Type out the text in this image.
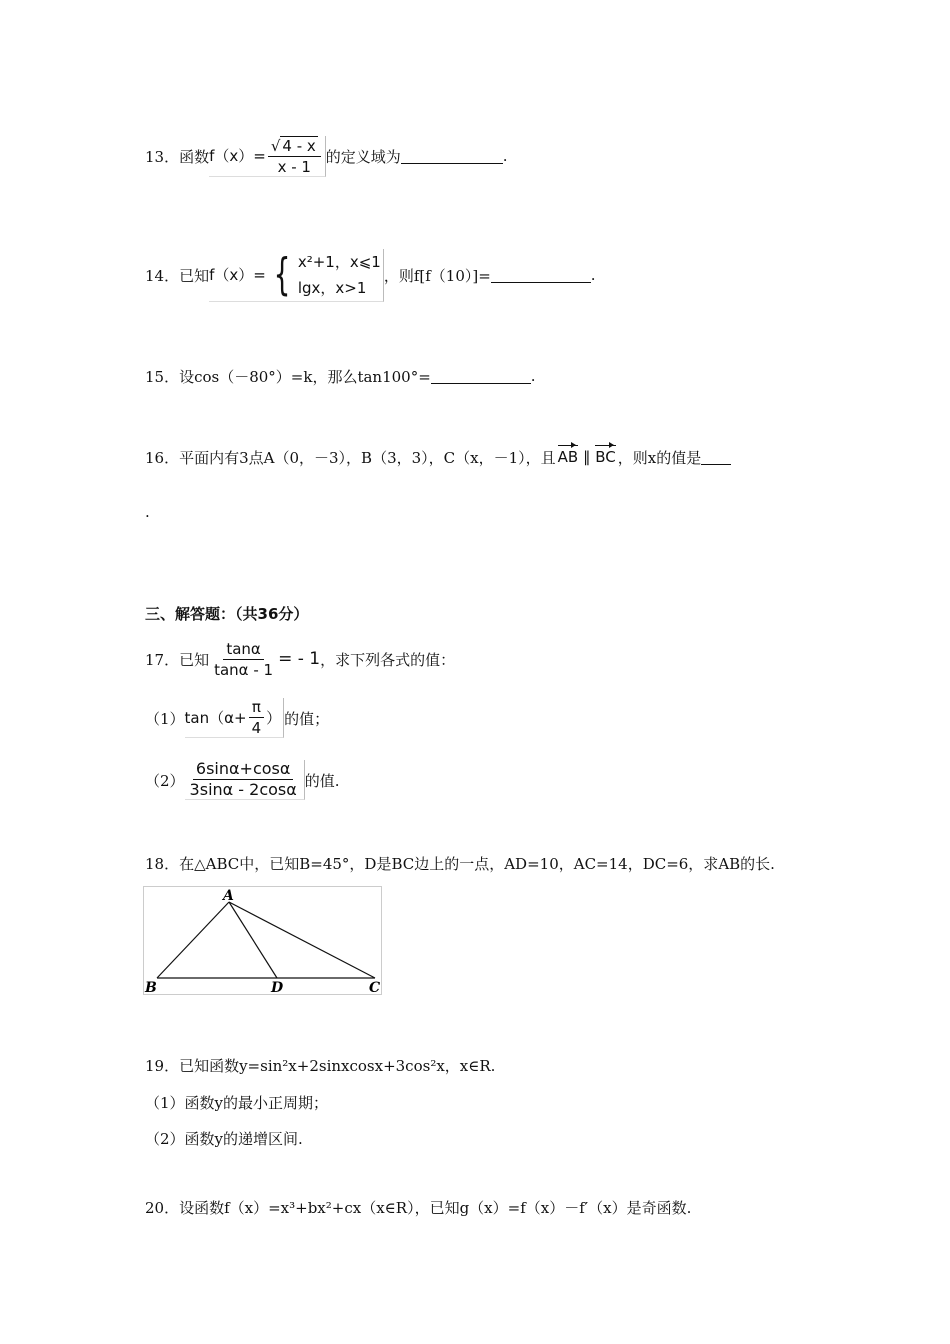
13．函数 $f(x)= \frac{√ 4 - x}{x - 1}$ 的定义域为	.
14．已知 f（x）= { x²+1，x⩽1
lgx，x>1
，则f[f（10）]=	.
15．设cos（－80°）=k，那么tan100°=	.
16．平面内有3点A（0，－3），B（3，3），C（x，－1），且 AB ∥ BC ，则x的值是
.
三、解答题：（共36分）
17．已知 $\frac{\tan\alpha}{\tan\alpha - 1}$ = - 1 ，求下列各式的值：
（1） $\tan(\alpha+ \frac{\pi}{4}$ ） 的值；
$(2) \frac{6\sin\alpha+\cos\alpha}{3\sin\alpha - 2\cos\alpha}$ 的值.
18．在△ABC中，已知B=45°，D是BC边上的一点，AD=10，AC=14，DC=6，求AB的长.
A
B	D	C
19．已知函数y=sin²x+2sinxcosx+3cos²x，x∈R.
（1）函数y的最小正周期；
（2）函数y的递增区间.
20．设函数f（x）=x³+bx²+cx（x∈R），已知g（x）=f（x）－f′（x）是奇函数.
